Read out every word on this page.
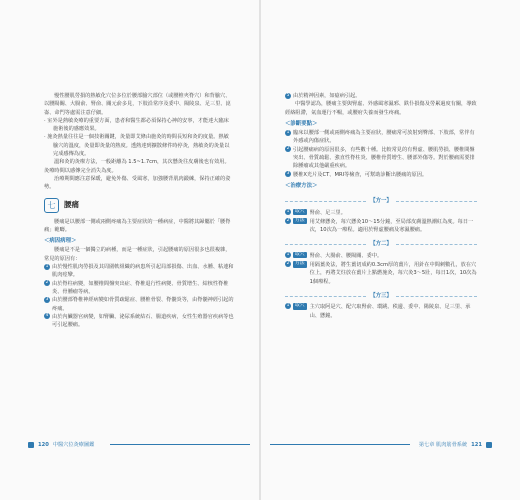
慢性腰肌勞損的熱敏化穴位多位於腰部腧穴部位（或腰椎夾脊穴）和背腧穴、以腰陽關、大腸俞、腎俞、關元俞多見，下肢沿常序及委中、陽陵泉、足三里、崑崙、命門等處需注意仔細。

· 室外是熱敏灸療的重要方面，患者和醫生都必須保持心神的安寧，才能達大臨床施術後的感應效果。

· 施灸熱量往往是一個技術關鍵，灸量即艾條由施灸的時間長短和灸的度量。熱敏腧穴的溫度，灸量即灸量的熱度。透熱達到擴散條件時停灸，熱敏灸的灸量以完成感傳為度。

溫和灸的灸療方法，一般距離為 1.5~1.7cm，其次懸灸往皮膚後也有效用。灸療時間以感傳完全消失為度。

治療期間應注意保暖，避免外傷、受風寒，加強腰背肌肉鍛練，保持正確的姿勢。

七	腰痛

腰痛是以腰部一側或兩側疼痛為主要症狀的一種病症，中醫將其歸屬於「腰脊痛」範疇。

＜病因病理＞

腰痛是不是一個獨立的病種，而是一種症狀，引起腰痛的原因很多也很複雜，常見的原因有：

1 由於慢性肌肉勞損及其周圍軟組織的病患所引起局部損傷、出血、水腫、粘連和肌肉痙攣。

2 由於脊柱病變，如腰椎間盤突出症、脊椎退行性病變、骨質增生、結核性脊椎炎、骨腫瘤等病。

3 由於腰部脊椎神經病變如骨質疏鬆症、腰椎骨裂、脊髓炎等，由脊髓神經引起的疼痛。

4 由於內臟器官病變，如腎臟、泌尿系統結石、腸道疾病，女性生殖器官疾病等也可引起腰痛。

5 由於精神因素，如癔病引起。

中醫學認為，腰痛主要與腎虛、外感風寒濕邪、跌仆損傷及勞累過度有關，導致經絡阻滯，氣血運行不暢，或腰府失養而發生疼痛。

＜診斷要點＞

1 臨床以腰部一側或兩側疼痛為主要症狀，腰痛常可放射到臀部、下肢部，常伴有外感或內傷症狀。

2 引起腰痛病的原因很多，有些數十種。比較常見的有腎虛、腰肌勞損、腰椎間盤突出、骨質疏鬆、強直性脊柱炎、腰椎骨質增生、腰部外傷等。對於腰痛需要排除腫瘤或其他嚴重疾病。

3 腰椎X光片及CT、MRI等檢查，可幫助診斷出腰痛的原因。

＜治療方法＞
【方一】
1	取穴 腎俞、足三里。
2	方法 用艾條懸灸，每穴懸灸10～15分鐘，至局部皮膚溫熱潮紅為度。每日一次，10次為一療程。適用於腎虛腰痛及寒濕腰痛。
【方二】
1	取穴 腎俞、大腸俞、腰陽關、委中。
2	方法 用隔薑灸法，將生薑切成約0.3cm厚的薑片，用針在中間刺數孔，放在穴位上，再將艾炷放在薑片上點燃施灸，每穴灸3～5壯，每日1次，10次為1個療程。
【方三】
1	取穴 主穴取阿是穴、配穴取腎俞、環跳、秩邊、委中、陽陵泉、足三里、承山、懸鐘。
120 中醫穴位灸療圖鑑	第七章 肌肉筋骨系統 121
